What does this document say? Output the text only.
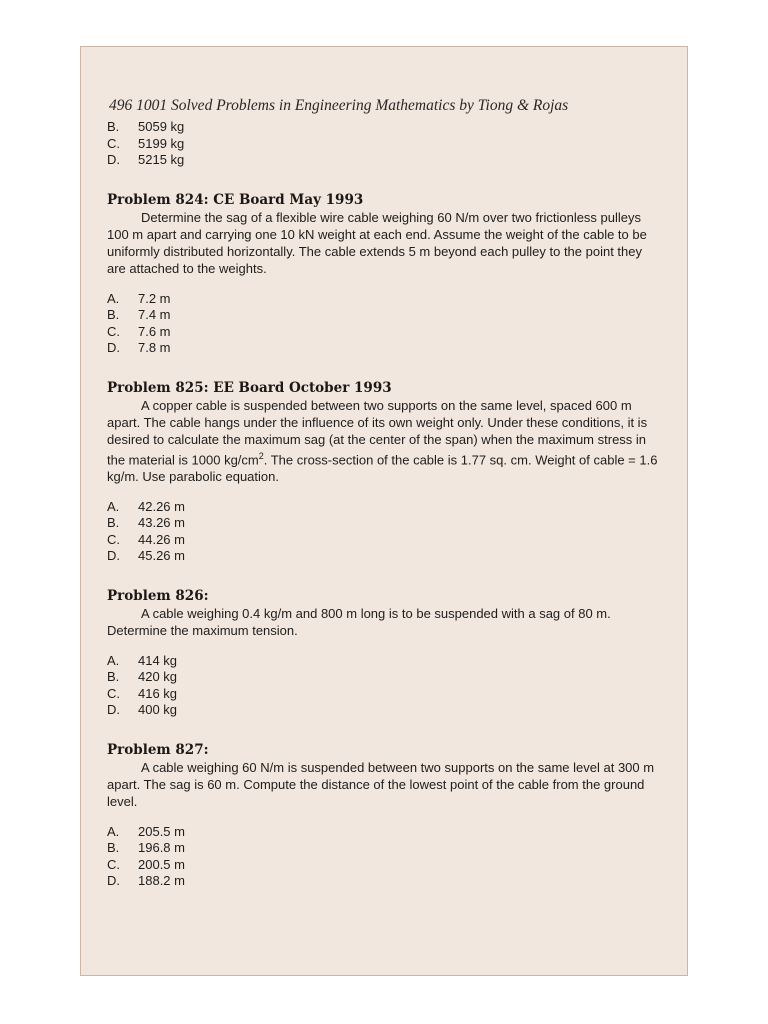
496 1001 Solved Problems in Engineering Mathematics by Tiong & Rojas
B.	5059 kg
C.	5199 kg
D.	5215 kg

Problem 824: CE Board May 1993

Determine the sag of a flexible wire cable weighing 60 N/m over two frictionless pulleys 100 m apart and carrying one 10 kN weight at each end. Assume the weight of the cable to be uniformly distributed horizontally. The cable extends 5 m beyond each pulley to the point they are attached to the weights.

A.	7.2 m
B.	7.4 m
C.	7.6 m
D.	7.8 m

Problem 825: EE Board October 1993

A copper cable is suspended between two supports on the same level, spaced 600 m apart. The cable hangs under the influence of its own weight only. Under these conditions, it is desired to calculate the maximum sag (at the center of the span) when the maximum stress in the material is 1000 $kg/cm^2$. The cross-section of the cable is 1.77 sq. cm. Weight of cable = 1.6 kg/m. Use parabolic equation.

A.	42.26 m
B.	43.26 m
C.	44.26 m
D.	45.26 m

Problem 826:

A cable weighing 0.4 kg/m and 800 m long is to be suspended with a sag of 80 m. Determine the maximum tension.

A.	414 kg
B.	420 kg
C.	416 kg
D.	400 kg

Problem 827:

A cable weighing 60 N/m is suspended between two supports on the same level at 300 m apart. The sag is 60 m. Compute the distance of the lowest point of the cable from the ground level.

A.	205.5 m
B.	196.8 m
C.	200.5 m
D.	188.2 m
